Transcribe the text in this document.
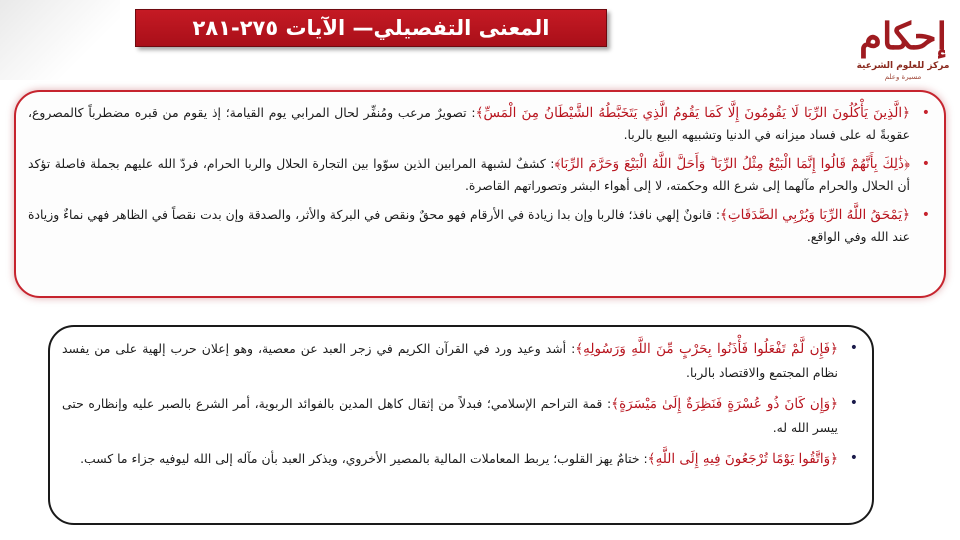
المعنى التفصيلي— الآيات ٢٧٥-٢٨١	إحكام
مركز للعلوم الشرعية
مسيرة وعلم
•
﴿الَّذِينَ يَأْكُلُونَ الرِّبَا لَا يَقُومُونَ إِلَّا كَمَا يَقُومُ الَّذِي يَتَخَبَّطُهُ الشَّيْطَانُ مِنَ الْمَسِّ﴾: تصويرٌ مرعب ومُنفِّر لحال المرابي يوم القيامة؛ إذ يقوم من قبره مضطرباً كالمصروع، عقوبةً له على فساد ميزانه في الدنيا وتشبيهه البيع بالربا.
•
﴿ذَٰلِكَ بِأَنَّهُمْ قَالُوا إِنَّمَا الْبَيْعُ مِثْلُ الرِّبَا ۗ وَأَحَلَّ اللَّهُ الْبَيْعَ وَحَرَّمَ الرِّبَا﴾: كشفٌ لشبهة المرابين الذين سوّوا بين التجارة الحلال والربا الحرام، فردّ الله عليهم بجملة فاصلة تؤكد أن الحلال والحرام مآلهما إلى شرع الله وحكمته، لا إلى أهواء البشر وتصوراتهم القاصرة.
•
﴿يَمْحَقُ اللَّهُ الرِّبَا وَيُرْبِي الصَّدَقَاتِ﴾: قانونٌ إلهي نافذ؛ فالربا وإن بدا زيادة في الأرقام فهو محقٌ ونقص في البركة والأثر، والصدقة وإن بدت نقصاً في الظاهر فهي نماءٌ وزيادة عند الله وفي الواقع.
•
﴿فَإِن لَّمْ تَفْعَلُوا فَأْذَنُوا بِحَرْبٍ مِّنَ اللَّهِ وَرَسُولِهِ﴾: أشد وعيد ورد في القرآن الكريم في زجر العبد عن معصية، وهو إعلان حرب إلهية على من يفسد نظام المجتمع والاقتصاد بالربا.
•
﴿وَإِن كَانَ ذُو عُسْرَةٍ فَنَظِرَةٌ إِلَىٰ مَيْسَرَةٍ﴾: قمة التراحم الإسلامي؛ فبدلاً من إثقال كاهل المدين بالفوائد الربوية، أمر الشرع بالصبر عليه وإنظاره حتى ييسر الله له.
•
﴿وَاتَّقُوا يَوْمًا تُرْجَعُونَ فِيهِ إِلَى اللَّهِ﴾: ختامٌ يهز القلوب؛ يربط المعاملات المالية بالمصير الأخروي، ويذكر العبد بأن مآله إلى الله ليوفيه جزاء ما كسب.
